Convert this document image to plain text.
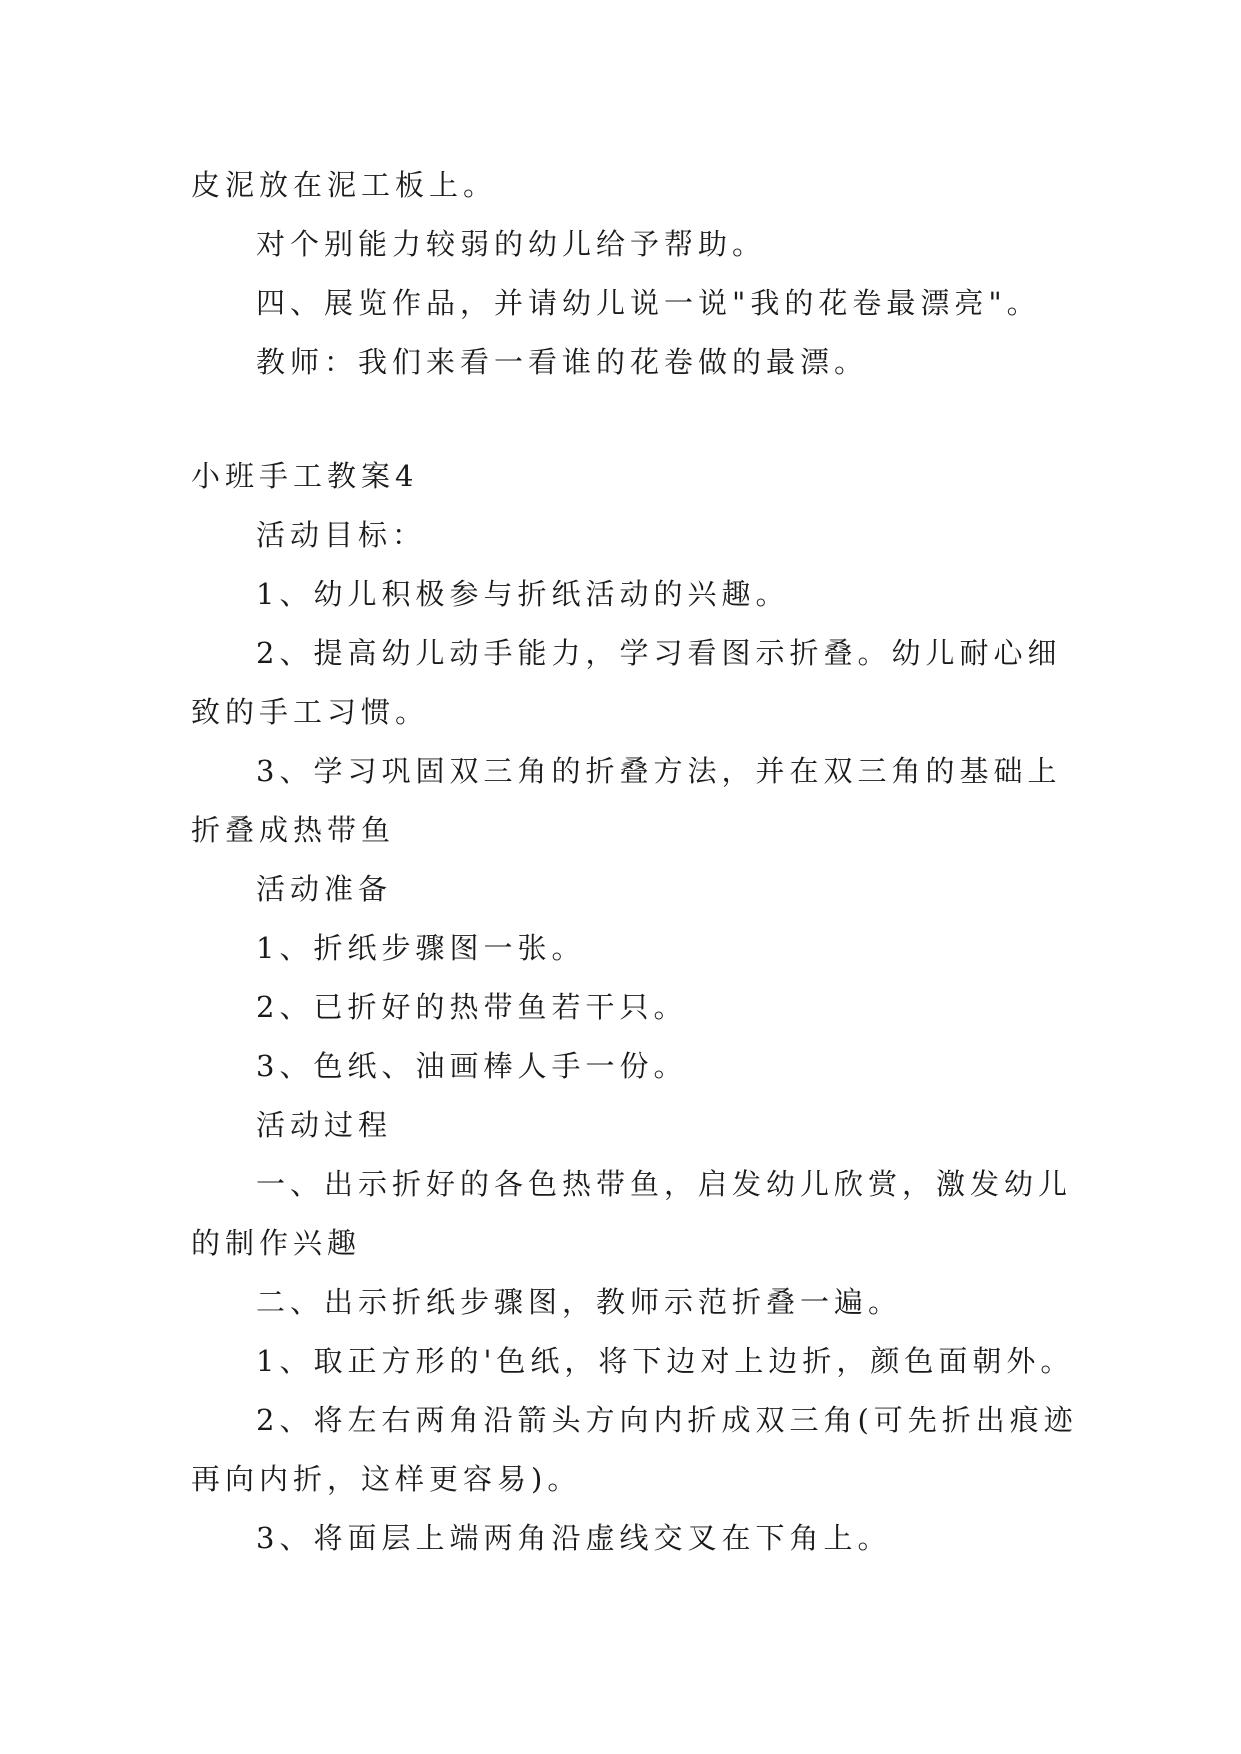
皮泥放在泥工板上。
对个别能力较弱的幼儿给予帮助。
四、展览作品，并请幼儿说一说"我的花卷最漂亮"。
教师：我们来看一看谁的花卷做的最漂。
小班手工教案4
活动目标：
1、幼儿积极参与折纸活动的兴趣。
2、提高幼儿动手能力，学习看图示折叠。幼儿耐心细
致的手工习惯。
3、学习巩固双三角的折叠方法，并在双三角的基础上
折叠成热带鱼
活动准备
1、折纸步骤图一张。
2、已折好的热带鱼若干只。
3、色纸、油画棒人手一份。
活动过程
一、出示折好的各色热带鱼，启发幼儿欣赏，激发幼儿
的制作兴趣
二、出示折纸步骤图，教师示范折叠一遍。
1、取正方形的'色纸，将下边对上边折，颜色面朝外。
2、将左右两角沿箭头方向内折成双三角(可先折出痕迹
再向内折，这样更容易)。
3、将面层上端两角沿虚线交叉在下角上。
